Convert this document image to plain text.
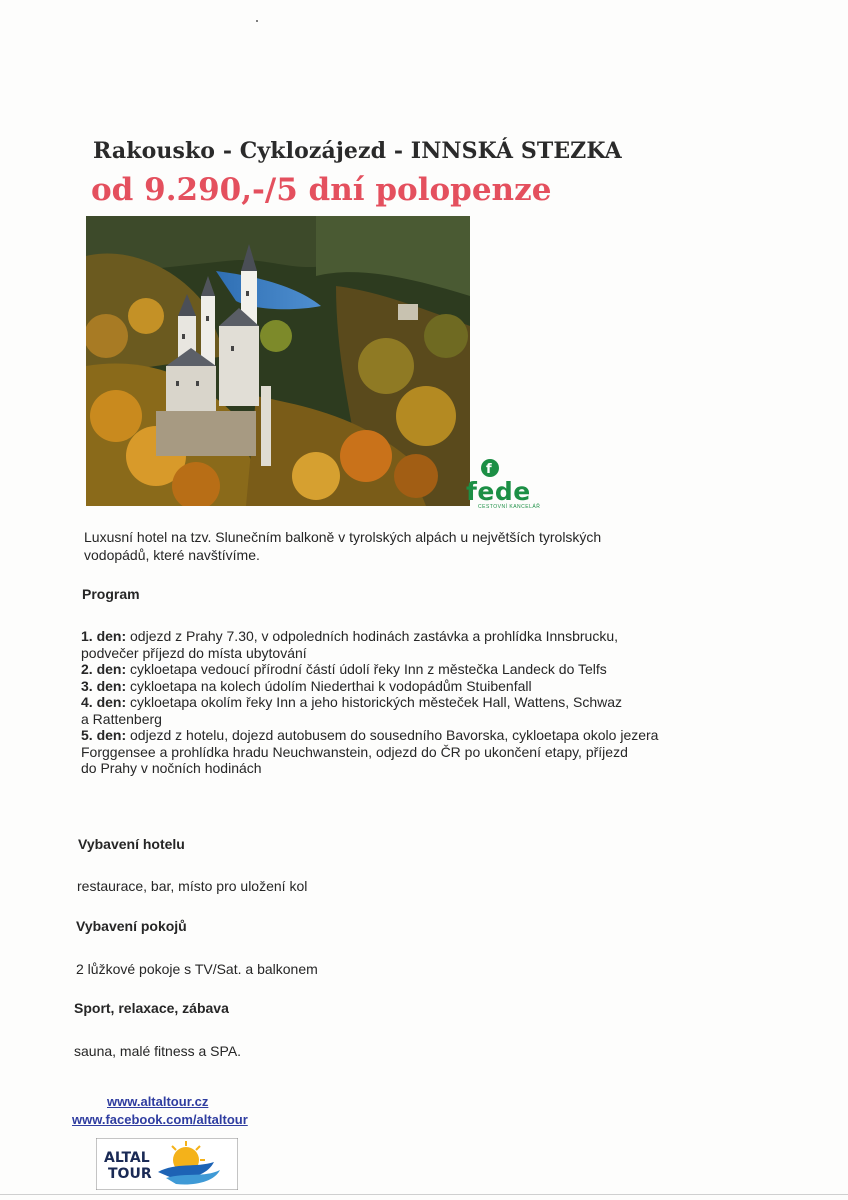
Rakousko - Cyklozájezd - INNSKÁ STEZKA
od 9.290,-/5 dní polopenze
f
fede
CESTOVNÍ KANCELÁŘ
Luxusní hotel na tzv. Slunečním balkoně v tyrolských alpách u největších tyrolských
vodopádů, které navštívíme.
Program
1. den: odjezd z Prahy 7.30, v odpoledních hodinách zastávka a prohlídka Innsbrucku,
podvečer příjezd do místa ubytování
2. den: cykloetapa vedoucí přírodní částí údolí řeky Inn z městečka Landeck do Telfs
3. den: cykloetapa na kolech údolím Niederthai k vodopádům Stuibenfall
4. den: cykloetapa okolím řeky Inn a jeho historických městeček Hall, Wattens, Schwaz
a Rattenberg
5. den: odjezd z hotelu, dojezd autobusem do sousedního Bavorska, cykloetapa okolo jezera
Forggensee a prohlídka hradu Neuchwanstein, odjezd do ČR po ukončení etapy, příjezd
do Prahy v nočních hodinách
Vybavení hotelu
restaurace, bar, místo pro uložení kol
Vybavení pokojů
2 lůžkové pokoje s TV/Sat. a balkonem
Sport, relaxace, zábava
sauna, malé fitness a SPA.
www.altaltour.cz
www.facebook.com/altaltour
ALTAL
TOUR
